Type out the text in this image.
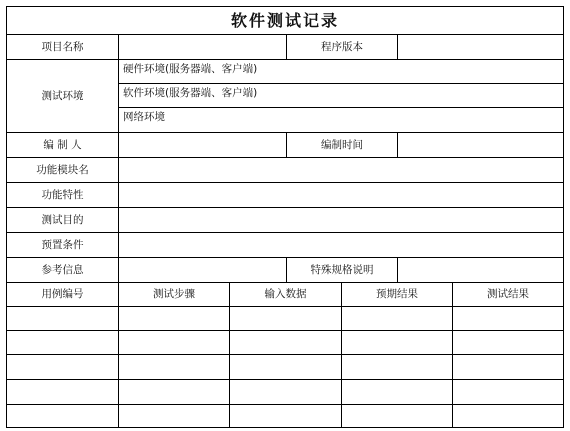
软件测试记录
项目名称	程序版本
测试环境
硬件环境(服务器端、客户端)
软件环境(服务器端、客户端)
网络环境
编 制 人	编制时间
功能模块名
功能特性
测试目的
预置条件
参考信息	特殊规格说明
用例编号	测试步骤	输入数据	预期结果	测试结果
